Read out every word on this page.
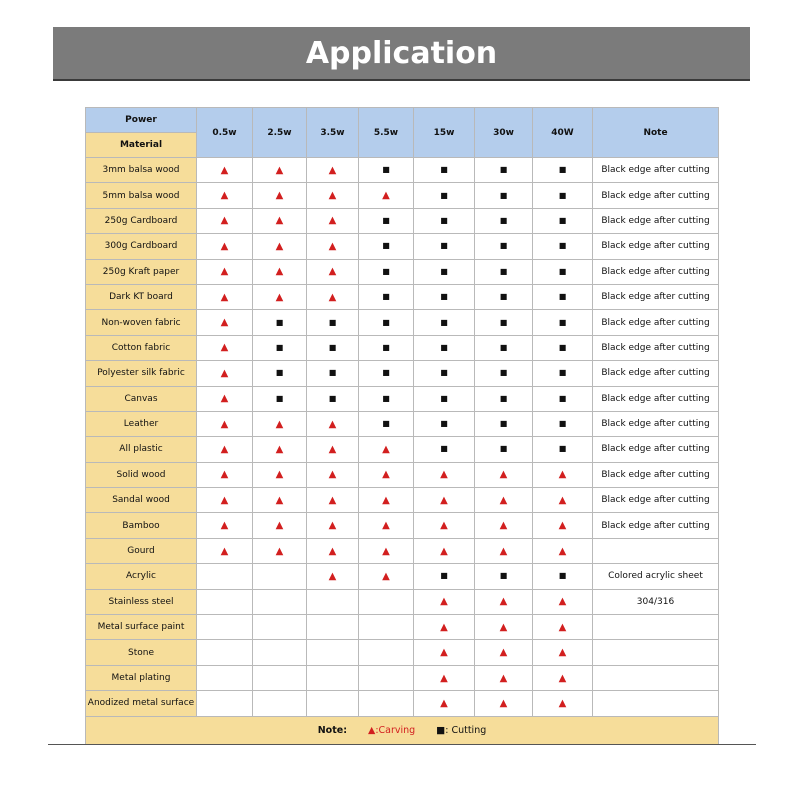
Application
Power	0.5w	2.5w	3.5w	5.5w	15w	30w	40W	Note
Material								
3mm balsa wood	▲	▲	▲	■	■	■	■	Black edge after cutting
5mm balsa wood	▲	▲	▲	▲	■	■	■	Black edge after cutting
250g Cardboard	▲	▲	▲	■	■	■	■	Black edge after cutting
300g Cardboard	▲	▲	▲	■	■	■	■	Black edge after cutting
250g Kraft paper	▲	▲	▲	■	■	■	■	Black edge after cutting
Dark KT board	▲	▲	▲	■	■	■	■	Black edge after cutting
Non-woven fabric	▲	■	■	■	■	■	■	Black edge after cutting
Cotton fabric	▲	■	■	■	■	■	■	Black edge after cutting
Polyester silk fabric	▲	■	■	■	■	■	■	Black edge after cutting
Canvas	▲	■	■	■	■	■	■	Black edge after cutting
Leather	▲	▲	▲	■	■	■	■	Black edge after cutting
All plastic	▲	▲	▲	▲	■	■	■	Black edge after cutting
Solid wood	▲	▲	▲	▲	▲	▲	▲	Black edge after cutting
Sandal wood	▲	▲	▲	▲	▲	▲	▲	Black edge after cutting
Bamboo	▲	▲	▲	▲	▲	▲	▲	Black edge after cutting
Gourd	▲	▲	▲	▲	▲	▲	▲	
Acrylic			▲	▲	■	■	■	Colored acrylic sheet
Stainless steel					▲	▲	▲	304/316
Metal surface paint					▲	▲	▲	
Stone					▲	▲	▲	
Metal plating					▲	▲	▲	
Anodized metal surface					▲	▲	▲	
Note: ▲:Carving ■: Cutting								
